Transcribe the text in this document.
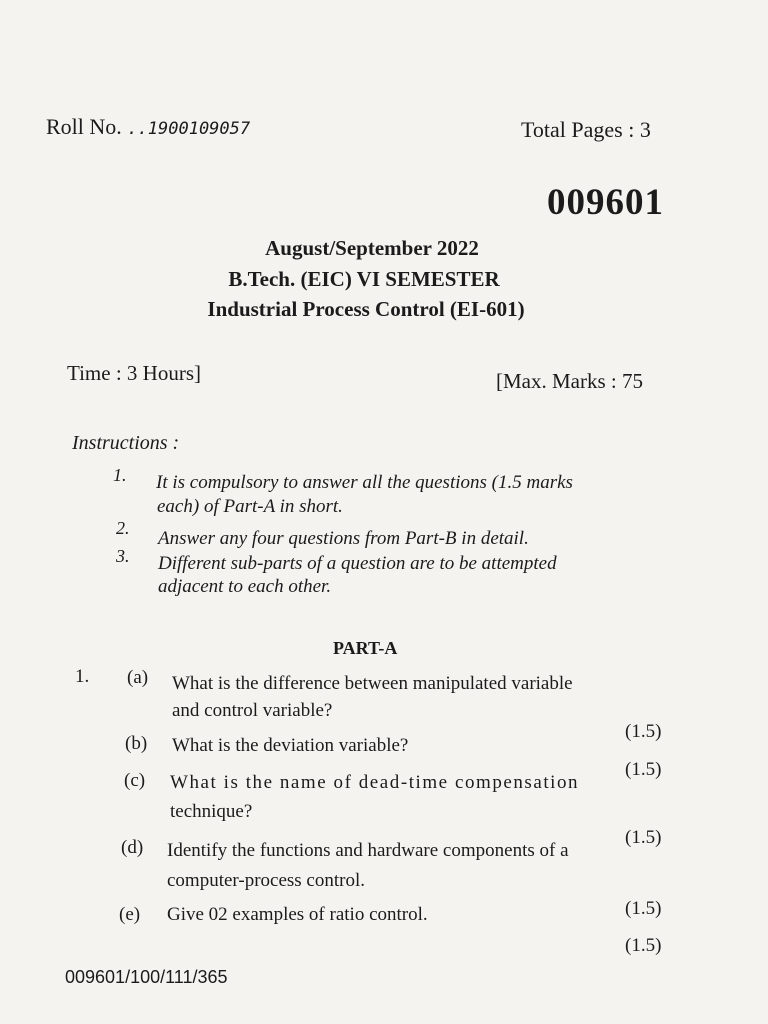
Roll No. ..1900109057	Total Pages : 3
009601
August/September 2022
B.Tech. (EIC) VI SEMESTER
Industrial Process Control (EI-601)
Time : 3 Hours]	[Max. Marks : 75
Instructions :
1. It is compulsory to answer all the questions (1.5 marks
each) of Part-A in short.
2. Answer any four questions from Part-B in detail.
3. Different sub-parts of a question are to be attempted
adjacent to each other.
PART-A
1. (a) What is the difference between manipulated variable
and control variable?
(1.5)
(b) What is the deviation variable?
(1.5)
(c) What is the name of dead-time compensation
technique?
(1.5)
(d) Identify the functions and hardware components of a
computer-process control.
(1.5)
(e) Give 02 examples of ratio control.
(1.5)
009601/100/111/365
